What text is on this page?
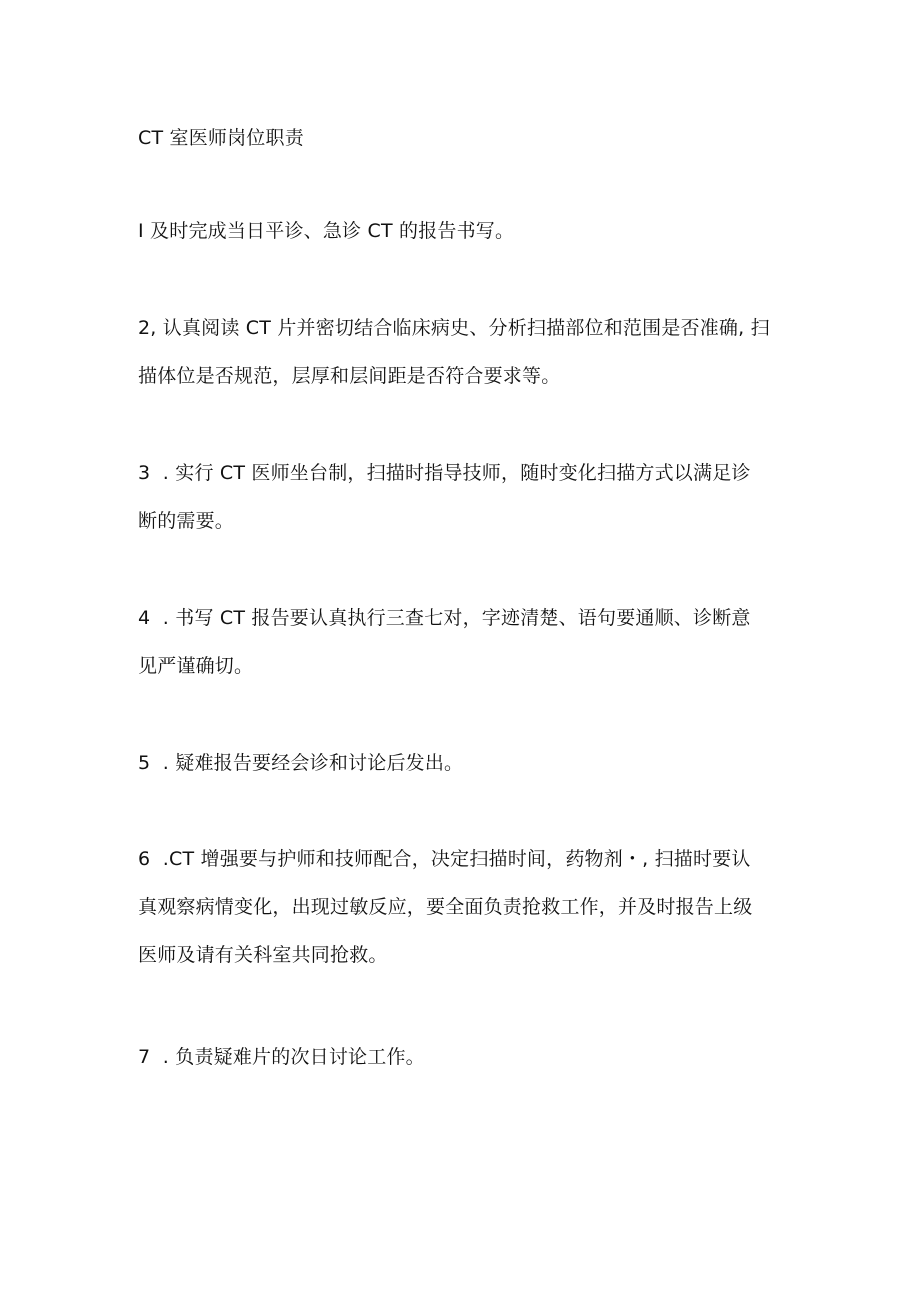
CT 室医师岗位职责
I 及时完成当日平诊、急诊 CT 的报告书写。
2, 认真阅读 CT 片并密切结合临床病史、分析扫描部位和范围是否准确, 扫
描体位是否规范，层厚和层间距是否符合要求等。
3  . 实行 CT 医师坐台制，扫描时指导技师，随时变化扫描方式以满足诊
断的需要。
4  . 书写 CT 报告要认真执行三查七对，字迹清楚、语句要通顺、诊断意
见严谨确切。
5  . 疑难报告要经会诊和讨论后发出。
6  .CT 增强要与护师和技师配合，决定扫描时间，药物剂・, 扫描时要认
真观察病情变化，出现过敏反应，要全面负责抢救工作，并及时报告上级
医师及请有关科室共同抢救。
7  . 负责疑难片的次日讨论工作。
